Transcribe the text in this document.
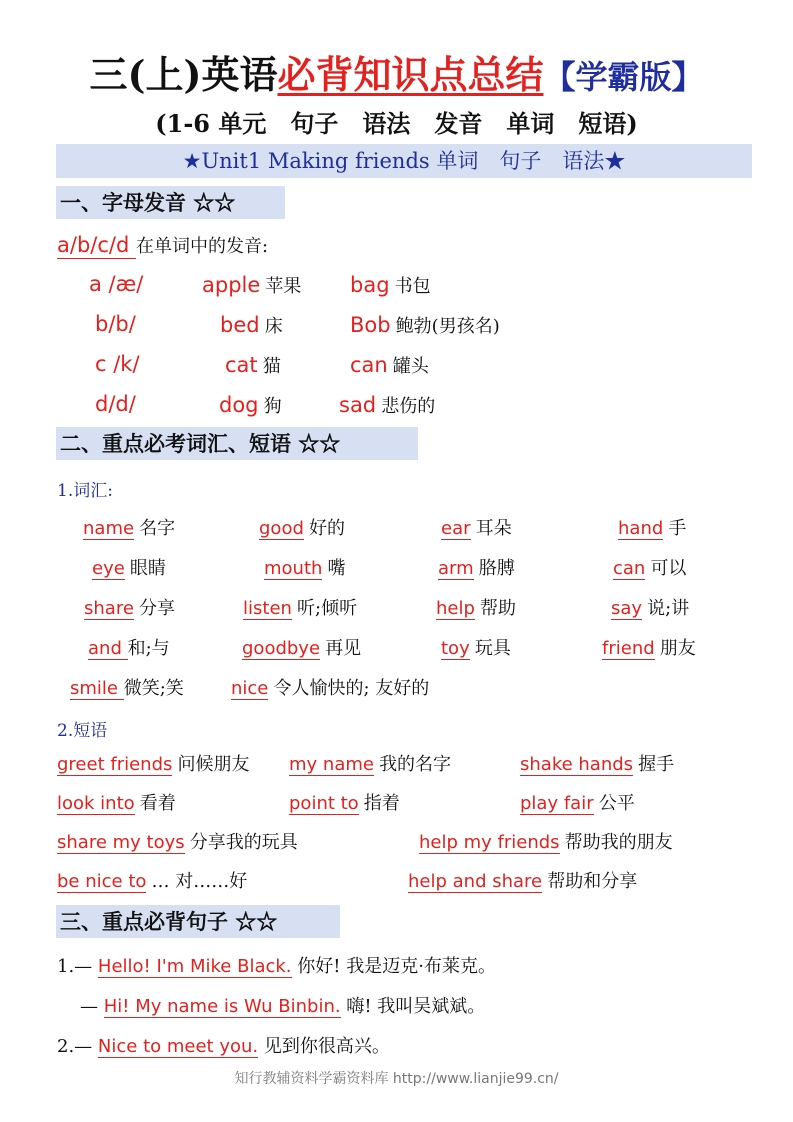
三(上)英语必背知识点总结【学霸版】
(1-6 单元　句子　语法　发音　单词　短语)
★Unit1 Making friends 单词　句子　语法★
一、字母发音 ☆☆
a/b/c/d 在单词中的发音:
a /æ/	apple 苹果 bag 书包
b/b/	bed 床	Bob 鲍勃(男孩名)
c /k/	cat 猫	can 罐头
d/d/	dog 狗	sad 悲伤的
二、重点必考词汇、短语 ☆☆
1.词汇:
name 名字	good 好的	ear 耳朵	hand 手
eye 眼睛	mouth 嘴	arm 胳膊	can 可以
share 分享	listen 听;倾听	help 帮助	say 说;讲
and 和;与	goodbye 再见	toy 玩具	friend 朋友
smile 微笑;笑	nice 令人愉快的; 友好的
2.短语
greet friends 问候朋友 my name 我的名字	shake hands 握手
look into 看着	point to 指着	play fair 公平
share my toys 分享我的玩具	help my friends 帮助我的朋友
be nice to … 对……好	help and share 帮助和分享
三、重点必背句子 ☆☆
1.— Hello! I'm Mike Black. 你好! 我是迈克·布莱克。
— Hi! My name is Wu Binbin. 嗨! 我叫吴斌斌。
2.— Nice to meet you. 见到你很高兴。
知行教辅资料学霸资料库 http://www.lianjie99.cn/
